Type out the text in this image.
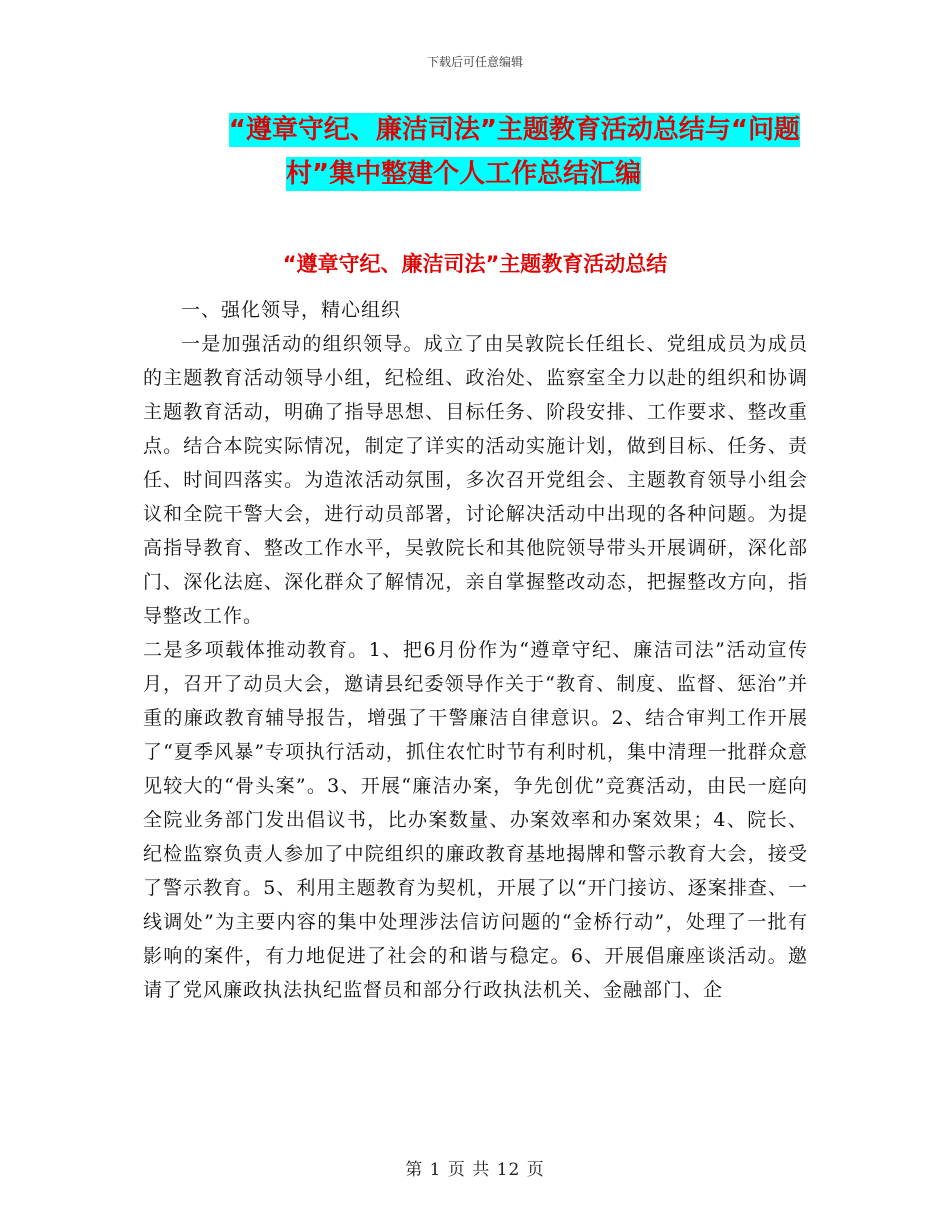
下载后可任意编辑
“遵章守纪、廉洁司法”主题教育活动总结与“问题
村”集中整建个人工作总结汇编
“遵章守纪、廉洁司法”主题教育活动总结

一、强化领导，精心组织

一是加强活动的组织领导。成立了由吴敦院长任组长、党组成员为成员的主题教育活动领导小组，纪检组、政治处、监察室全力以赴的组织和协调主题教育活动，明确了指导思想、目标任务、阶段安排、工作要求、整改重点。结合本院实际情况，制定了详实的活动实施计划，做到目标、任务、责任、时间四落实。为造浓活动氛围，多次召开党组会、主题教育领导小组会议和全院干警大会，进行动员部署，讨论解决活动中出现的各种问题。为提高指导教育、整改工作水平，吴敦院长和其他院领导带头开展调研，深化部门、深化法庭、深化群众了解情况，亲自掌握整改动态，把握整改方向，指导整改工作。

二是多项载体推动教育。1、把6月份作为“遵章守纪、廉洁司法”活动宣传月，召开了动员大会，邀请县纪委领导作关于“教育、制度、监督、惩治”并重的廉政教育辅导报告，增强了干警廉洁自律意识。2、结合审判工作开展了“夏季风暴”专项执行活动，抓住农忙时节有利时机，集中清理一批群众意见较大的“骨头案”。3、开展“廉洁办案，争先创优”竞赛活动，由民一庭向全院业务部门发出倡议书，比办案数量、办案效率和办案效果；4、院长、纪检监察负责人参加了中院组织的廉政教育基地揭牌和警示教育大会，接受了警示教育。5、利用主题教育为契机，开展了以“开门接访、逐案排查、一线调处”为主要内容的集中处理涉法信访问题的“金桥行动”，处理了一批有影响的案件，有力地促进了社会的和谐与稳定。6、开展倡廉座谈活动。邀请了党风廉政执法执纪监督员和部分行政执法机关、金融部门、企

第 1 页 共 12 页
